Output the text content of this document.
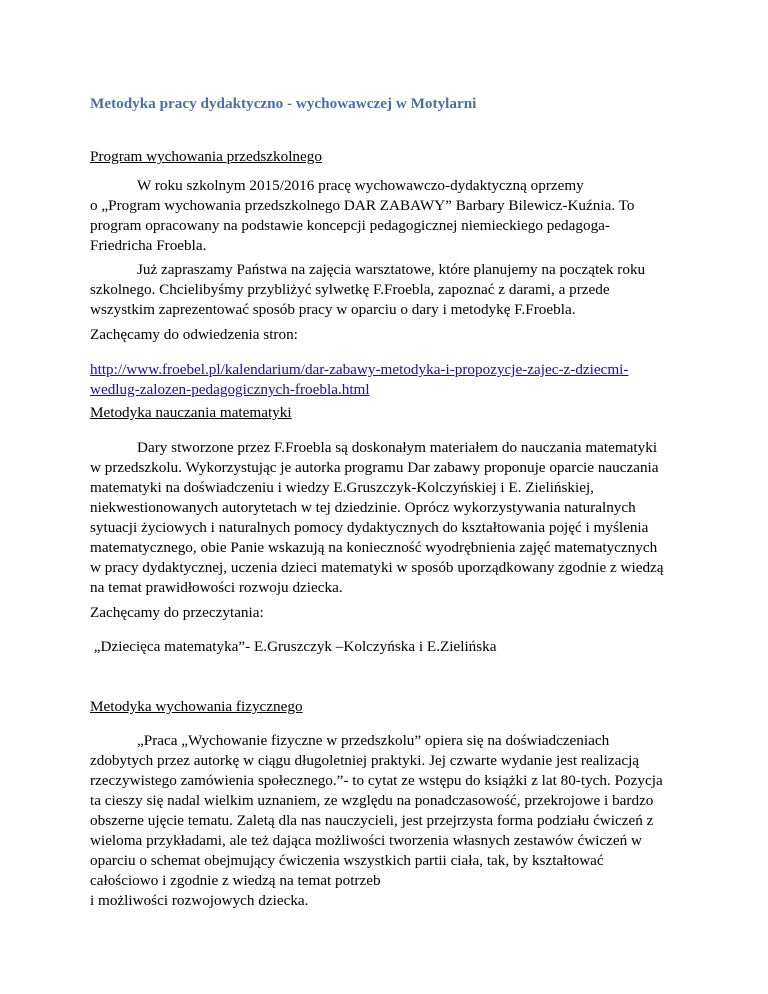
Metodyka pracy dydaktyczno - wychowawczej w Motylarni

Program wychowania przedszkolnego

W roku szkolnym 2015/2016 pracę wychowawczo-dydaktyczną oprzemy
o „Program wychowania przedszkolnego DAR ZABAWY” Barbary Bilewicz-Kuźnia. To
program opracowany na podstawie koncepcji pedagogicznej niemieckiego pedagoga-
Friedricha Froebla.

Już zapraszamy Państwa na zajęcia warsztatowe, które planujemy na początek roku
szkolnego. Chcielibyśmy przybliżyć sylwetkę F.Froebla, zapoznać z darami, a przede
wszystkim zaprezentować sposób pracy w oparciu o dary i metodykę F.Froebla.

Zachęcamy do odwiedzenia stron:

http://www.froebel.pl/kalendarium/dar-zabawy-metodyka-i-propozycje-zajec-z-dziecmi-
wedlug-zalozen-pedagogicznych-froebla.html

Metodyka nauczania matematyki

Dary stworzone przez F.Froebla są doskonałym materiałem do nauczania matematyki
w przedszkolu. Wykorzystując je autorka programu Dar zabawy proponuje oparcie nauczania
matematyki na doświadczeniu i wiedzy E.Gruszczyk-Kolczyńskiej i E. Zielińskiej,
niekwestionowanych autorytetach w tej dziedzinie. Oprócz wykorzystywania naturalnych
sytuacji życiowych i naturalnych pomocy dydaktycznych do kształtowania pojęć i myślenia
matematycznego, obie Panie wskazują na konieczność wyodrębnienia zajęć matematycznych
w pracy dydaktycznej, uczenia dzieci matematyki w sposób uporządkowany zgodnie z wiedzą
na temat prawidłowości rozwoju dziecka.

Zachęcamy do przeczytania:

„Dziecięca matematyka”- E.Gruszczyk –Kolczyńska i E.Zielińska

Metodyka wychowania fizycznego

„Praca „Wychowanie fizyczne w przedszkolu” opiera się na doświadczeniach
zdobytych przez autorkę w ciągu długoletniej praktyki. Jej czwarte wydanie jest realizacją
rzeczywistego zamówienia społecznego.”- to cytat ze wstępu do książki z lat 80-tych. Pozycja
ta cieszy się nadal wielkim uznaniem, ze względu na ponadczasowość, przekrojowe i bardzo
obszerne ujęcie tematu. Zaletą dla nas nauczycieli, jest przejrzysta forma podziału ćwiczeń z
wieloma przykładami, ale też dająca możliwości tworzenia własnych zestawów ćwiczeń w
oparciu o schemat obejmujący ćwiczenia wszystkich partii ciała, tak, by kształtować
całościowo i zgodnie z wiedzą na temat potrzeb
i możliwości rozwojowych dziecka.
